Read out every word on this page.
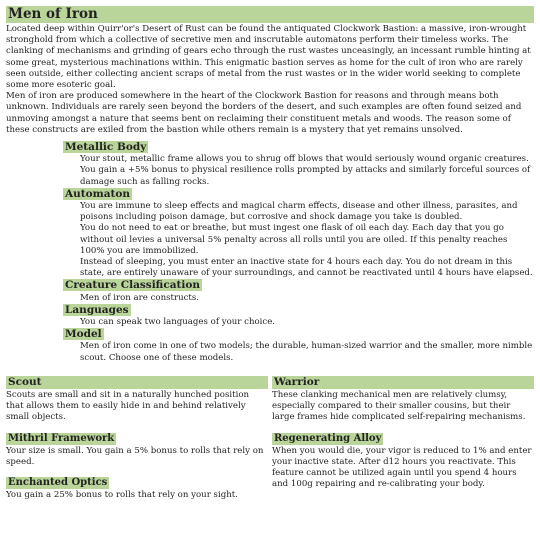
Men of Iron

Located deep within Quirr'or's Desert of Rust can be found the antiquated Clockwork Bastion: a massive, iron-wrought stronghold from which a collective of secretive men and inscrutable automatons perform their timeless works. The clanking of mechanisms and grinding of gears echo through the rust wastes unceasingly, an incessant rumble hinting at some great, mysterious machinations within. This enigmatic bastion serves as home for the cult of iron who are rarely seen outside, either collecting ancient scraps of metal from the rust wastes or in the wider world seeking to complete some more esoteric goal.

Men of iron are produced somewhere in the heart of the Clockwork Bastion for reasons and through means both unknown. Individuals are rarely seen beyond the borders of the desert, and such examples are often found seized and unmoving amongst a nature that seems bent on reclaiming their constituent metals and woods. The reason some of these constructs are exiled from the bastion while others remain is a mystery that yet remains unsolved.

Metallic Body

Your stout, metallic frame allows you to shrug off blows that would seriously wound organic creatures. You gain a +5% bonus to physical resilience rolls prompted by attacks and similarly forceful sources of damage such as falling rocks.

Automaton

You are immune to sleep effects and magical charm effects, disease and other illness, parasites, and poisons including poison damage, but corrosive and shock damage you take is doubled.

You do not need to eat or breathe, but must ingest one flask of oil each day. Each day that you go without oil levies a universal 5% penalty across all rolls until you are oiled. If this penalty reaches 100% you are immobilized.

Instead of sleeping, you must enter an inactive state for 4 hours each day. You do not dream in this state, are entirely unaware of your surroundings, and cannot be reactivated until 4 hours have elapsed.

Creature Classification

Men of iron are constructs.

Languages

You can speak two languages of your choice.

Model

Men of iron come in one of two models; the durable, human-sized warrior and the smaller, more nimble scout. Choose one of these models.

Scout

Scouts are small and sit in a naturally hunched position that allows them to easily hide in and behind relatively small objects.

Mithril Framework

Your size is small. You gain a 5% bonus to rolls that rely on speed.

Enchanted Optics

You gain a 25% bonus to rolls that rely on your sight.

Warrior

These clanking mechanical men are relatively clumsy, especially compared to their smaller cousins, but their large frames hide complicated self-repairing mechanisms.

Regenerating Alloy

When you would die, your vigor is reduced to 1% and enter your inactive state. After d12 hours you reactivate. This feature cannot be utilized again until you spend 4 hours and 100g repairing and re-calibrating your body.
